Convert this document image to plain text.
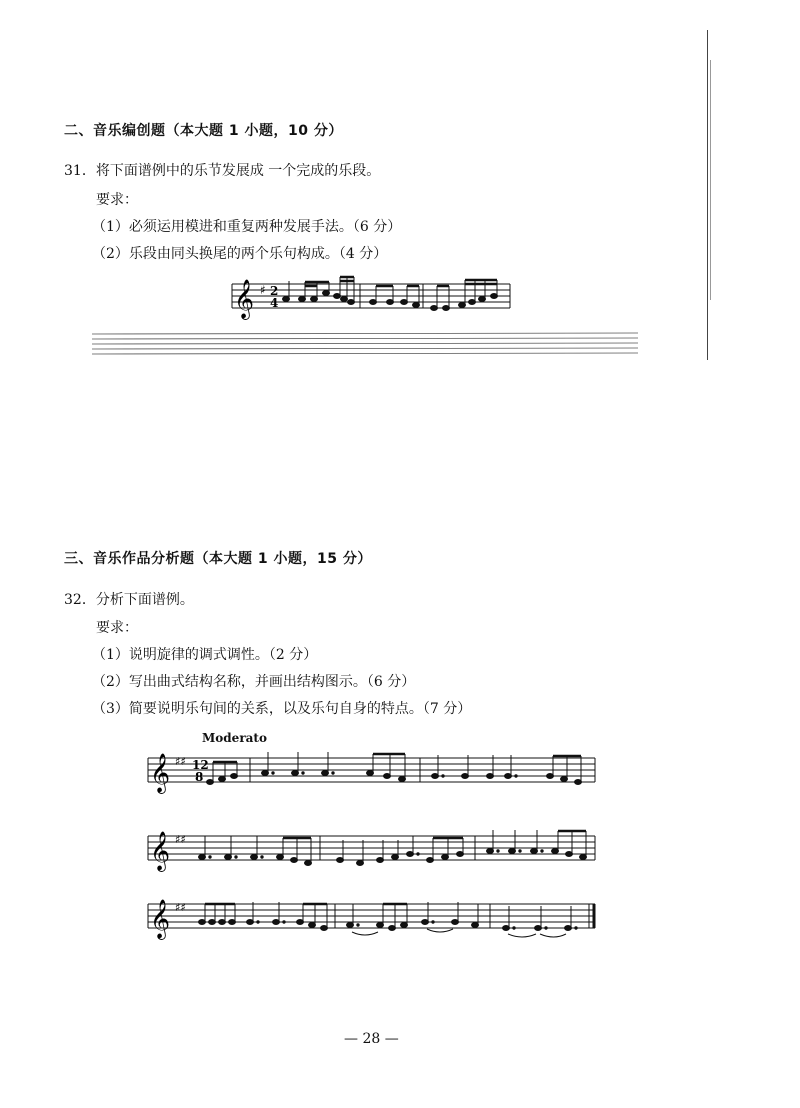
二、音乐编创题（本大题 1 小题，10 分）
31．将下面谱例中的乐节发展成 一个完成的乐段。
要求：
（1）必须运用模进和重复两种发展手法。（6 分）
（2）乐段由同头换尾的两个乐句构成。（4 分）
𝄞 ♯ 2
4
三、音乐作品分析题（本大题 1 小题，15 分）
32．分析下面谱例。
要求：
（1）说明旋律的调式调性。（2 分）
（2）写出曲式结构名称，并画出结构图示。（6 分）
（3）简要说明乐句间的关系，以及乐句自身的特点。（7 分）
Moderato
𝄞 ♯♯ 12
8
𝄞 ♯♯
𝄞 ♯♯
— 28 —
